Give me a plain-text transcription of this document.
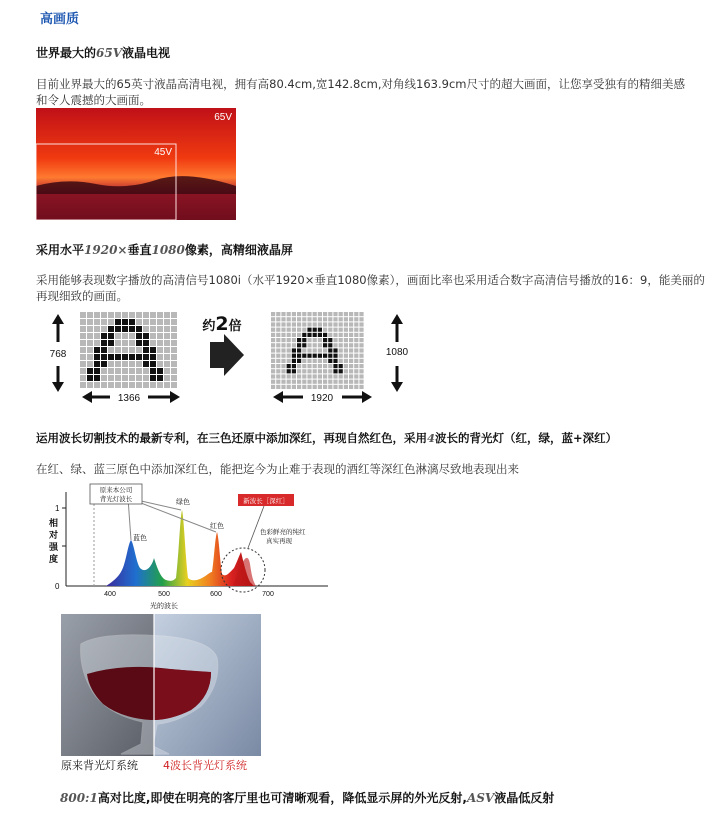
高画质
世界最大的65V液晶电视
目前业界最大的65英寸液晶高清电视，拥有高80.4cm,宽142.8cm,对角线163.9cm尺寸的超大画面，让您享受独有的精细美感和令人震撼的大画面。
65V
45V
采用水平1920×垂直1080像素，高精细液晶屏
采用能够表现数字播放的高清信号1080i（水平1920×垂直1080像素），画面比率也采用适合数字高清信号播放的16：9，能美丽的再现细致的画面。
768
1366
约2倍
1920
1080
运用波长切割技术的最新专利，在三色还原中添加深红，再现自然红色，采用4波长的背光灯（红，绿，蓝+深红）
在红、绿、蓝三原色中添加深红色，能把迄今为止难于表现的酒红等深红色淋漓尽致地表现出来
1
0
相
对
强
度
原来本公司
背光灯波长
蓝色
绿色
红色
新波长［深红］
色彩鲜亮的纯红
真实再现
400	500	600	700
光的波长
原来背光灯系统 4波长背光灯系统
800:1高对比度,即使在明亮的客厅里也可清晰观看，降低显示屏的外光反射,ASV液晶低反射
